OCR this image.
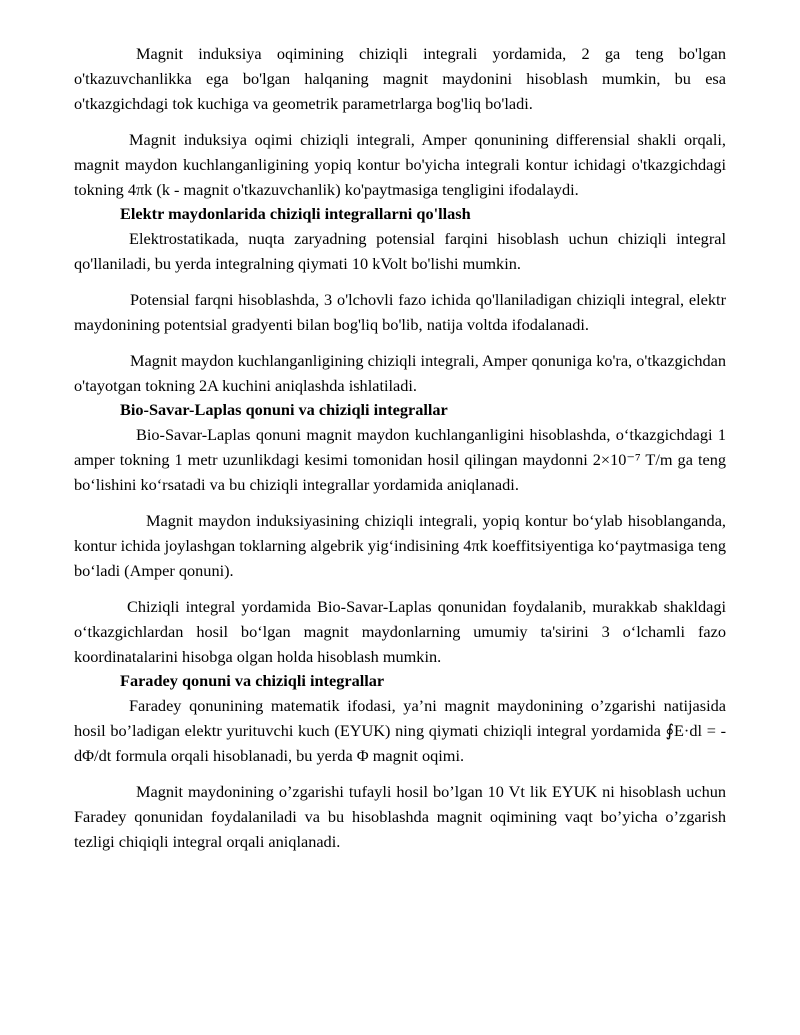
Magnit induksiya oqimining chiziqli integrali yordamida, 2 ga teng bo'lgan o'tkazuvchanlikka ega bo'lgan halqaning magnit maydonini hisoblash mumkin, bu esa o'tkazgichdagi tok kuchiga va geometrik parametrlarga bog'liq bo'ladi.

Magnit induksiya oqimi chiziqli integrali, Amper qonunining differensial shakli orqali, magnit maydon kuchlanganligining yopiq kontur bo'yicha integrali kontur ichidagi o'tkazgichdagi tokning 4πk (k - magnit o'tkazuvchanlik) ko'paytmasiga tengligini ifodalaydi.

Elektr maydonlarida chiziqli integrallarni qo'llash

Elektrostatikada, nuqta zaryadning potensial farqini hisoblash uchun chiziqli integral qo'llaniladi, bu yerda integralning qiymati 10 kVolt bo'lishi mumkin.

Potensial farqni hisoblashda, 3 o'lchovli fazo ichida qo'llaniladigan chiziqli integral, elektr maydonining potentsial gradyenti bilan bog'liq bo'lib, natija voltda ifodalanadi.

Magnit maydon kuchlanganligining chiziqli integrali, Amper qonuniga ko'ra, o'tkazgichdan o'tayotgan tokning 2A kuchini aniqlashda ishlatiladi.

Bio-Savar-Laplas qonuni va chiziqli integrallar

Bio-Savar-Laplas qonuni magnit maydon kuchlanganligini hisoblashda, o‘tkazgichdagi 1 amper tokning 1 metr uzunlikdagi kesimi tomonidan hosil qilingan maydonni 2×10⁻⁷ T/m ga teng bo‘lishini ko‘rsatadi va bu chiziqli integrallar yordamida aniqlanadi.

Magnit maydon induksiyasining chiziqli integrali, yopiq kontur bo‘ylab hisoblanganda, kontur ichida joylashgan toklarning algebrik yig‘indisining 4πk koeffitsiyentiga ko‘paytmasiga teng bo‘ladi (Amper qonuni).

Chiziqli integral yordamida Bio-Savar-Laplas qonunidan foydalanib, murakkab shakldagi o‘tkazgichlardan hosil bo‘lgan magnit maydonlarning umumiy ta'sirini 3 o‘lchamli fazo koordinatalarini hisobga olgan holda hisoblash mumkin.

Faradey qonuni va chiziqli integrallar

Faradey qonunining matematik ifodasi, ya’ni magnit maydonining o’zgarishi natijasida hosil bo’ladigan elektr yurituvchi kuch (EYUK) ning qiymati chiziqli integral yordamida ∮E·dl = -dΦ/dt formula orqali hisoblanadi, bu yerda Φ magnit oqimi.

Magnit maydonining o’zgarishi tufayli hosil bo’lgan 10 Vt lik EYUK ni hisoblash uchun Faradey qonunidan foydalaniladi va bu hisoblashda magnit oqimining vaqt bo’yicha o’zgarish tezligi chiqiqli integral orqali aniqlanadi.
